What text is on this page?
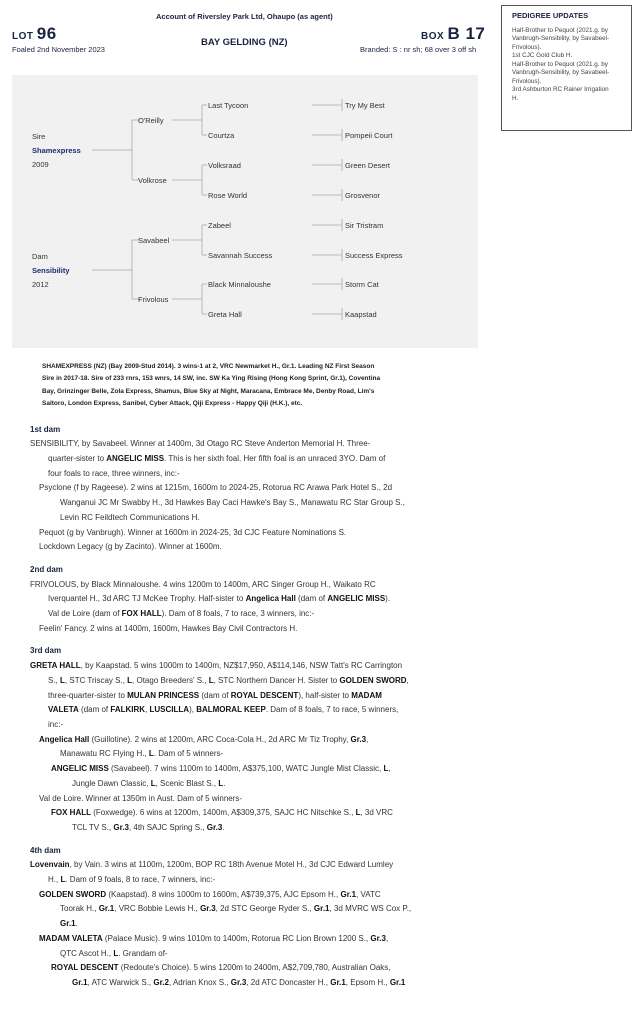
Account of Riversley Park Ltd, Ohaupo (as agent)
LOT 96	BOX B 17
Foaled 2nd November 2023
BAY GELDING (NZ)
Branded: S : nr sh; 68 over 3 off sh
PEDIGREE UPDATES
Half-Brother to Pequot (2021.g. by
Vanbrugh-Sensibility, by Savabeel-
Frivolous).
1st CJC Gold Club H.
Half-Brother to Pequot (2021.g. by
Vanbrugh-Sensibility, by Savabeel-
Frivolous).
3rd Ashburton RC Rainer Irrigation
H.
Sire
Shamexpress
2009
Dam
Sensibility
2012
O'Reilly
Volkrose
Savabeel
Frivolous
Last Tycoon
Courtza
Volksraad
Rose World
Zabeel
Savannah Success
Black Minnaloushe
Greta Hall
Try My Best
Pompeii Court
Green Desert
Grosvenor
Sir Tristram
Success Express
Storm Cat
Kaapstad
SHAMEXPRESS (NZ) (Bay 2009-Stud 2014). 3 wins-1 at 2, VRC Newmarket H., Gr.1. Leading NZ First Season
Sire in 2017-18. Sire of 233 rnrs, 153 wnrs, 14 SW, inc. SW Ka Ying Rising (Hong Kong Sprint, Gr.1), Coventina
Bay, Grinzinger Belle, Zola Express, Shamus, Blue Sky at Night, Maracana, Embrace Me, Denby Road, Lim's
Saltoro, London Express, Sanibel, Cyber Attack, Qiji Express - Happy Qiji (H.K.), etc.
1st dam
SENSIBILITY, by Savabeel. Winner at 1400m, 3d Otago RC Steve Anderton Memorial H. Three-
quarter-sister to ANGELIC MISS. This is her sixth foal. Her fifth foal is an unraced 3YO. Dam of
four foals to race, three winners, inc:-
Psyclone (f by Rageese). 2 wins at 1215m, 1600m to 2024-25, Rotorua RC Arawa Park Hotel S., 2d
Wanganui JC Mr Swabby H., 3d Hawkes Bay Caci Hawke's Bay S., Manawatu RC Star Group S.,
Levin RC Feildtech Communications H.
Pequot (g by Vanbrugh). Winner at 1600m in 2024-25, 3d CJC Feature Nominations S.
Lockdown Legacy (g by Zacinto). Winner at 1600m.
2nd dam
FRIVOLOUS, by Black Minnaloushe. 4 wins 1200m to 1400m, ARC Singer Group H., Waikato RC
Iverquantel H., 3d ARC TJ McKee Trophy. Half-sister to Angelica Hall (dam of ANGELIC MISS).
Val de Loire (dam of FOX HALL). Dam of 8 foals, 7 to race, 3 winners, inc:-
Feelin' Fancy. 2 wins at 1400m, 1600m, Hawkes Bay Civil Contractors H.
3rd dam
GRETA HALL, by Kaapstad. 5 wins 1000m to 1400m, NZ$17,950, A$114,146, NSW Tatt's RC Carrington
S., L, STC Triscay S., L, Otago Breeders' S., L, STC Northern Dancer H. Sister to GOLDEN SWORD,
three-quarter-sister to MULAN PRINCESS (dam of ROYAL DESCENT), half-sister to MADAM
VALETA (dam of FALKIRK, LUSCILLA), BALMORAL KEEP. Dam of 8 foals, 7 to race, 5 winners,
inc:-
Angelica Hall (Guillotine). 2 wins at 1200m, ARC Coca-Cola H., 2d ARC Mr Tiz Trophy, Gr.3,
Manawatu RC Flying H., L. Dam of 5 winners-
ANGELIC MISS (Savabeel). 7 wins 1100m to 1400m, A$375,100, WATC Jungle Mist Classic, L,
Jungle Dawn Classic, L, Scenic Blast S., L.
Val de Loire. Winner at 1350m in Aust. Dam of 5 winners-
FOX HALL (Foxwedge). 6 wins at 1200m, 1400m, A$309,375, SAJC HC Nitschke S., L, 3d VRC
TCL TV S., Gr.3, 4th SAJC Spring S., Gr.3.
4th dam
Lovenvain, by Vain. 3 wins at 1100m, 1200m, BOP RC 18th Avenue Motel H., 3d CJC Edward Lumley
H., L. Dam of 9 foals, 8 to race, 7 winners, inc:-
GOLDEN SWORD (Kaapstad). 8 wins 1000m to 1600m, A$739,375, AJC Epsom H., Gr.1, VATC
Toorak H., Gr.1, VRC Bobbie Lewis H., Gr.3, 2d STC George Ryder S., Gr.1, 3d MVRC WS Cox P.,
Gr.1.
MADAM VALETA (Palace Music). 9 wins 1010m to 1400m, Rotorua RC Lion Brown 1200 S., Gr.3,
QTC Ascot H., L. Grandam of-
ROYAL DESCENT (Redoute's Choice). 5 wins 1200m to 2400m, A$2,709,780, Australian Oaks,
Gr.1, ATC Warwick S., Gr.2, Adrian Knox S., Gr.3, 2d ATC Doncaster H., Gr.1, Epsom H., Gr.1
